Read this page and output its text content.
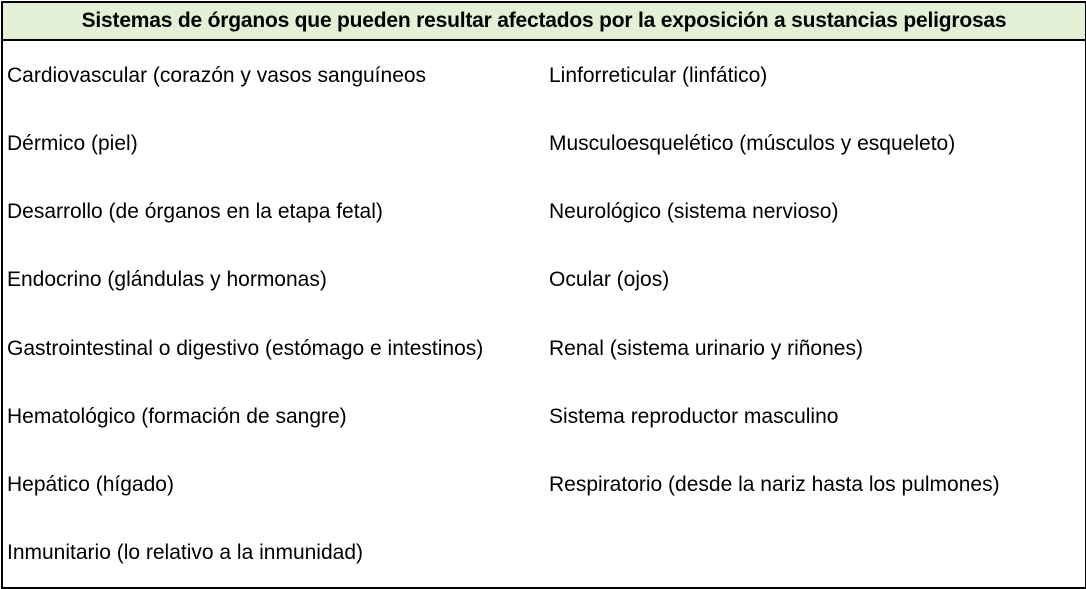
Sistemas de órganos que pueden resultar afectados por la exposición a sustancias peligrosas
Cardiovascular (corazón y vasos sanguíneos	Linforreticular (linfático)
Dérmico (piel)	Musculoesquelético (músculos y esqueleto)
Desarrollo (de órganos en la etapa fetal)	Neurológico (sistema nervioso)
Endocrino (glándulas y hormonas)	Ocular (ojos)
Gastrointestinal o digestivo (estómago e intestinos)	Renal (sistema urinario y riñones)
Hematológico (formación de sangre)	Sistema reproductor masculino
Hepático (hígado)	Respiratorio (desde la nariz hasta los pulmones)
Inmunitario (lo relativo a la inmunidad)
